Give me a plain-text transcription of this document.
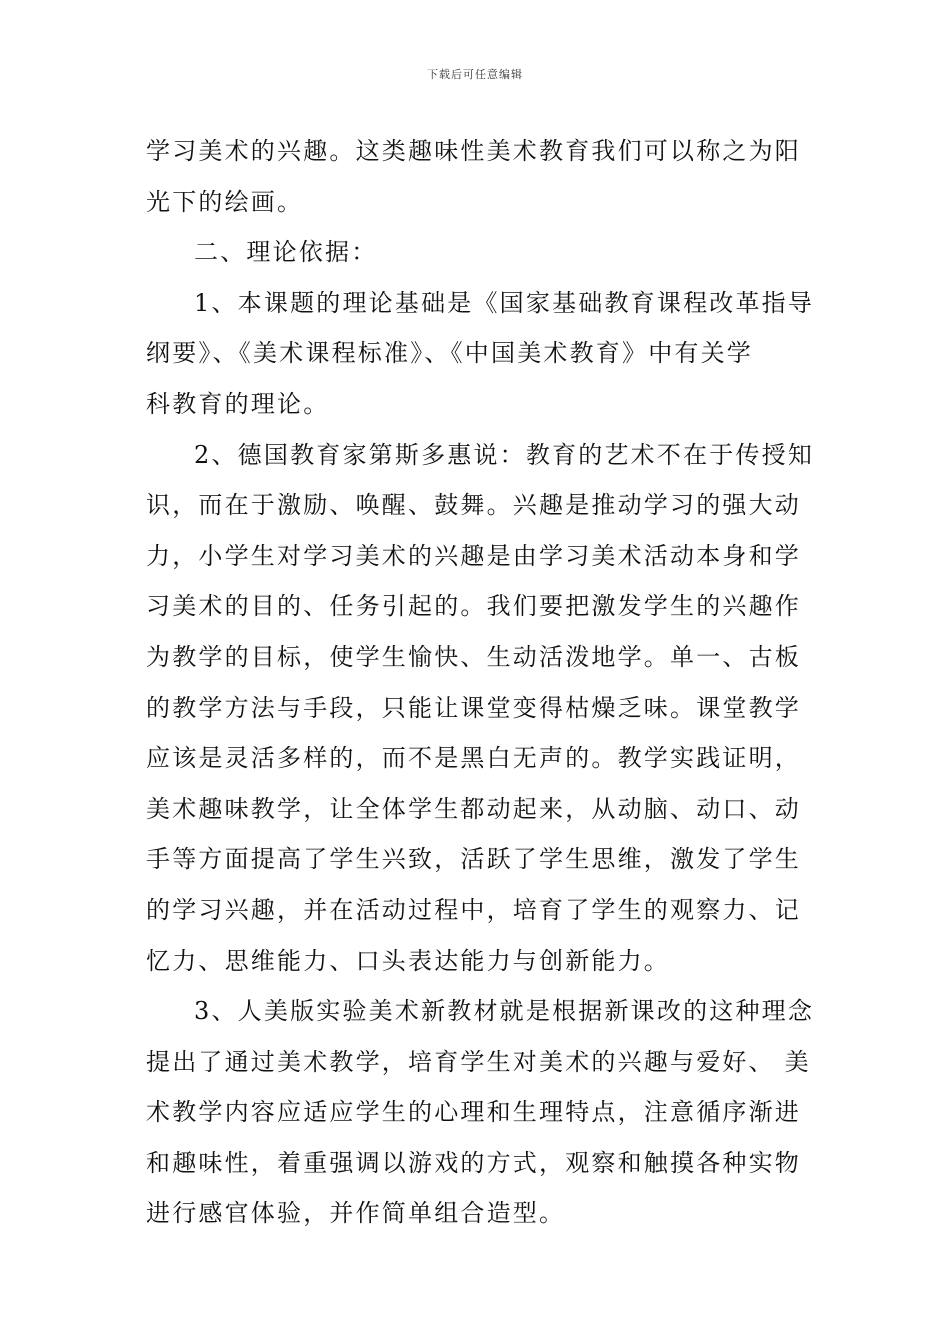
下载后可任意编辑
学习美术的兴趣。这类趣味性美术教育我们可以称之为阳
光下的绘画。
二、理论依据：
1、本课题的理论基础是《国家基础教育课程改革指导
纲要》、《美术课程标准》、《中国美术教育》中有关学
科教育的理论。
2、德国教育家第斯多惠说：教育的艺术不在于传授知
识，而在于激励、唤醒、鼓舞。兴趣是推动学习的强大动
力，小学生对学习美术的兴趣是由学习美术活动本身和学
习美术的目的、任务引起的。我们要把激发学生的兴趣作
为教学的目标，使学生愉快、生动活泼地学。单一、古板
的教学方法与手段，只能让课堂变得枯燥乏味。课堂教学
应该是灵活多样的，而不是黑白无声的。教学实践证明，
美术趣味教学，让全体学生都动起来，从动脑、动口、动
手等方面提高了学生兴致，活跃了学生思维，激发了学生
的学习兴趣，并在活动过程中，培育了学生的观察力、记
忆力、思维能力、口头表达能力与创新能力。
3、人美版实验美术新教材就是根据新课改的这种理念
提出了通过美术教学，培育学生对美术的兴趣与爱好、 美
术教学内容应适应学生的心理和生理特点，注意循序渐进
和趣味性，着重强调以游戏的方式，观察和触摸各种实物
进行感官体验，并作简单组合造型。
